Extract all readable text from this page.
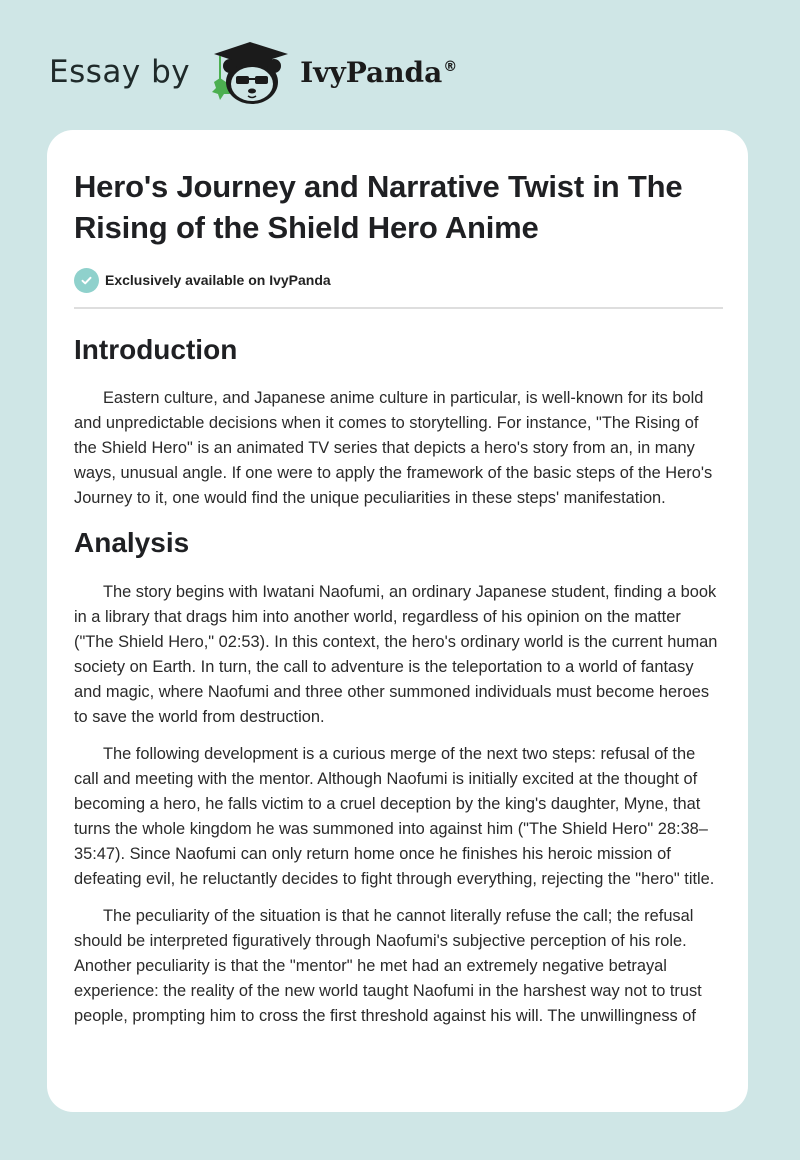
Essay by	IvyPanda®
Hero's Journey and Narrative Twist in The Rising of the Shield Hero Anime
Exclusively available on IvyPanda
Introduction

Eastern culture, and Japanese anime culture in particular, is well-known for its bold and unpredictable decisions when it comes to storytelling. For instance, "The Rising of the Shield Hero" is an animated TV series that depicts a hero's story from an, in many ways, unusual angle. If one were to apply the framework of the basic steps of the Hero's Journey to it, one would find the unique peculiarities in these steps' manifestation.

Analysis

The story begins with Iwatani Naofumi, an ordinary Japanese student, finding a book in a library that drags him into another world, regardless of his opinion on the matter ("The Shield Hero," 02:53). In this context, the hero's ordinary world is the current human society on Earth. In turn, the call to adventure is the teleportation to a world of fantasy and magic, where Naofumi and three other summoned individuals must become heroes to save the world from destruction.

The following development is a curious merge of the next two steps: refusal of the call and meeting with the mentor. Although Naofumi is initially excited at the thought of becoming a hero, he falls victim to a cruel deception by the king's daughter, Myne, that turns the whole kingdom he was summoned into against him ("The Shield Hero" 28:38–35:47). Since Naofumi can only return home once he finishes his heroic mission of defeating evil, he reluctantly decides to fight through everything, rejecting the "hero" title.

The peculiarity of the situation is that he cannot literally refuse the call; the refusal should be interpreted figuratively through Naofumi's subjective perception of his role. Another peculiarity is that the "mentor" he met had an extremely negative betrayal experience: the reality of the new world taught Naofumi in the harshest way not to trust people, prompting him to cross the first threshold against his will. The unwillingness of
